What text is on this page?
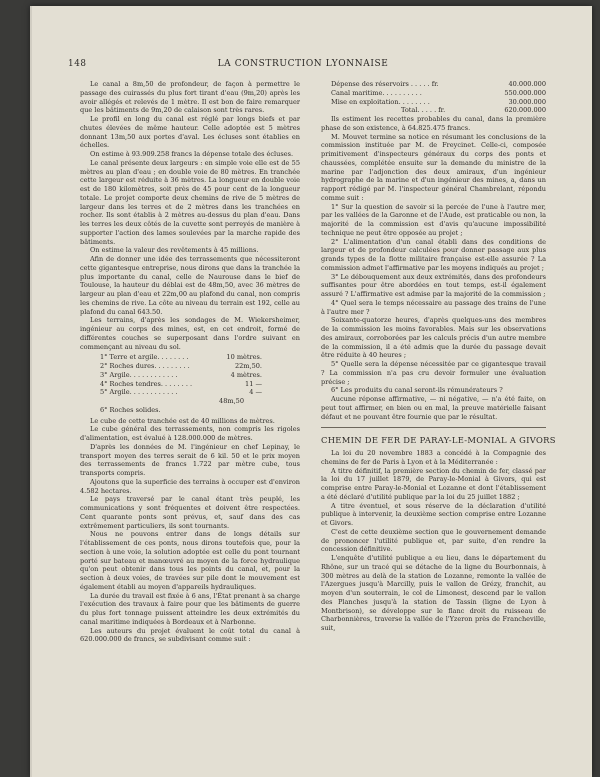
148	LA CONSTRUCTION LYONNAISE

Le canal a 8m,50 de profondeur, de façon à permettre le passage des cuirassés du plus fort tirant d'eau (9m,20) après les avoir allégés et relevés de 1 mètre. Il est bon de faire remarquer que les bâtiments de 9m,20 de calaison sont très rares.

Le profil en long du canal est réglé par longs biefs et par chutes élevées de même hauteur. Celle adoptée est 5 mètres donnant 13m,50 aux portes d'aval. Les écluses sont établies en échelles.

On estime à 93.909.258 francs la dépense totale des écluses.

Le canal présente deux largeurs : en simple voie elle est de 55 mètres au plan d'eau ; en double voie de 80 mètres. En tranchée cette largeur est réduite à 36 mètres. La longueur en double voie est de 180 kilomètres, soit près de 45 pour cent de la longueur totale. Le projet comporte deux chemins de rive de 5 mètres de largeur dans les terres et de 2 mètres dans les tranchées en rocher. Ils sont établis à 2 mètres au-dessus du plan d'eau. Dans les terres les deux côtés de la cuvette sont perreyés de manière à supporter l'action des lames soulevées par la marche rapide des bâtiments.

On estime la valeur des revêtements à 45 millions.

Afin de donner une idée des terrassements que nécessiteront cette gigantesque entreprise, nous dirons que dans la tranchée la plus importante du canal, celle de Naurouse dans le bief de Toulouse, la hauteur du déblai est de 48m,50, avec 36 mètres de largeur au plan d'eau et 22m,00 au plafond du canal, non compris les chemins de rive. La côte au niveau du terrain est 192, celle au plafond du canal 643.50.

Les terrains, d'après les sondages de M. Wiekersheimer, ingénieur au corps des mines, est, en cet endroit, formé de différentes couches se superposant dans l'ordre suivant en commençant au niveau du sol.

1° Terre et argile. . . . . . . .	10 mètres.
2° Roches dures. . . . . . . . .	22m,50.
3° Argile. . . . . . . . . . . .	4 mètres.
4° Roches tendres. . . . . . . .	11 —
5° Argile. . . . . . . . . . . .	4 —
48m,50
6° Roches solides.

Le cube de cette tranchée est de 40 millions de mètres.

Le cube général des terrassements, non compris les rigoles d'alimentation, est évalué à 128.000.000 de mètres.

D'après les données de M. l'ingénieur en chef Lepinay, le transport moyen des terres serait de 6 kil. 50 et le prix moyen des terrassements de francs 1.722 par mètre cube, tous transports compris.

Ajoutons que la superficie des terrains à occuper est d'environ 4.582 hectares.

Le pays traversé par le canal étant très peuplé, les communications y sont fréquentes et doivent être respectées. Cent quarante ponts sont prévus, et, sauf dans des cas extrêmement particuliers, ils sont tournants.

Nous ne pouvons entrer dans de longs détails sur l'établissement de ces ponts, nous dirons toutefois que, pour la section à une voie, la solution adoptée est celle du pont tournant porté sur bateau et manœuvré au moyen de la force hydraulique qu'on peut obtenir dans tous les points du canal, et, pour la section à deux voies, de travées sur pile dont le mouvement est également établi au moyen d'appareils hydrauliques.

La durée du travail est fixée à 6 ans, l'État prenant à sa charge l'exécution des travaux à faire pour que les bâtiments de guerre du plus fort tonnage puissent atteindre les deux extrémités du canal maritime indiquées à Bordeaux et à Narbonne.

Les auteurs du projet évaluent le coût total du canal à 620.000.000 de francs, se subdivisant comme suit :

Dépense des réservoirs . . . . . fr.	40.000.000
Canal maritime. . . . . . . . . .	550.000.000
Mise en exploitation. . . . . . . .	30.000.000
Total. . . . . fr.	620.000.000

Ils estiment les recettes probables du canal, dans la première phase de son existence, à 64.825.475 francs.

M. Mouvet termine sa notice en résumant les conclusions de la commission instituée par M. de Freycinet. Celle-ci, composée primitivement d'inspecteurs généraux du corps des ponts et chaussées, complétée ensuite sur la demande du ministre de la marine par l'adjonction des deux amiraux, d'un ingénieur hydrographe de la marine et d'un ingénieur des mines, a, dans un rapport rédigé par M. l'inspecteur général Chambrelant, répondu comme suit :

1° Sur la question de savoir si la percée de l'une à l'autre mer, par les vallées de la Garonne et de l'Aude, est praticable ou non, la majorité de la commission est d'avis qu'aucune impossibilité technique ne peut être opposée au projet ;

2° L'alimentation d'un canal établi dans des conditions de largeur et de profondeur calculées pour donner passage aux plus grands types de la flotte militaire française est-elle assurée ? La commission admet l'affirmative par les moyens indiqués au projet ;

3° Le débouquement aux deux extrémités, dans des profondeurs suffisantes pour être abordées en tout temps, est-il également assuré ? L'affirmative est admise par la majorité de la commission ;

4° Quel sera le temps nécessaire au passage des trains de l'une à l'autre mer ?

Soixante-quatorze heures, d'après quelques-uns des membres de la commission les moins favorables. Mais sur les observations des amiraux, corroborées par les calculs précis d'un autre membre de la commission, il a été admis que la durée du passage devait être réduite à 40 heures ;

5° Quelle sera la dépense nécessitée par ce gigantesque travail ? La commission n'a pas cru devoir formuler une évaluation précise ;

6° Les produits du canal seront-ils rémunérateurs ?

Aucune réponse affirmative, — ni négative, — n'a été faite, on peut tout affirmer, en bien ou en mal, la preuve matérielle faisant défaut et ne pouvant être fournie que par le résultat.

CHEMIN DE FER DE PARAY-LE-MONIAL A GIVORS

La loi du 20 novembre 1883 a concédé à la Compagnie des chemins de fer de Paris à Lyon et à la Méditerranée :

A titre définitif, la première section du chemin de fer, classé par la loi du 17 juillet 1879, de Paray-le-Monial à Givors, qui est comprise entre Paray-le-Monial et Lozanne et dont l'établissement a été déclaré d'utilité publique par la loi du 25 juillet 1882 ;

A titre éventuel, et sous réserve de la déclaration d'utilité publique à intervenir, la deuxième section comprise entre Lozanne et Givors.

C'est de cette deuxième section que le gouvernement demande de prononcer l'utilité publique et, par suite, d'en rendre la concession définitive.

L'enquête d'utilité publique a eu lieu, dans le département du Rhône, sur un tracé qui se détache de la ligne du Bourbonnais, à 300 mètres au delà de la station de Lozanne, remonte la vallée de l'Azergues jusqu'à Marcilly, puis le vallon de Grézy, franchit, au moyen d'un souterrain, le col de Limonest, descend par le vallon des Planches jusqu'à la station de Tassin (ligne de Lyon à Montbrison), se développe sur le flanc droit du ruisseau de Charbonnières, traverse la vallée de l'Yzeron près de Francheville, suit,
